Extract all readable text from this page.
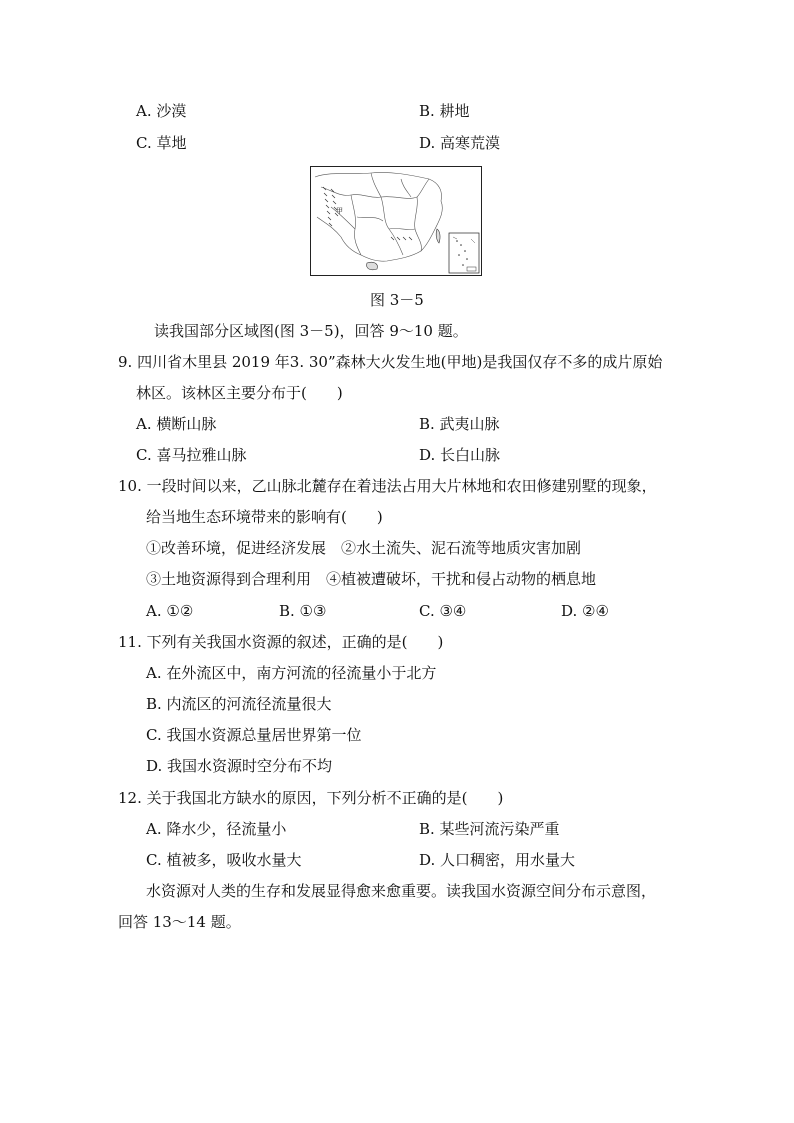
A. 沙漠	B. 耕地
C. 草地	D. 高寒荒漠
甲
图 3－5
读我国部分区域图(图 3－5)，回答 9～10 题。
9. 四川省木里县 2019 年3. 30”森林大火发生地(甲地)是我国仅存不多的成片原始
林区。该林区主要分布于(　　)
A. 横断山脉	B. 武夷山脉
C. 喜马拉雅山脉	D. 长白山脉
10. 一段时间以来，乙山脉北麓存在着违法占用大片林地和农田修建别墅的现象，
给当地生态环境带来的影响有(　　)
①改善环境，促进经济发展　②水土流失、泥石流等地质灾害加剧
③土地资源得到合理利用　④植被遭破坏，干扰和侵占动物的栖息地
A. ①②	B. ①③	C. ③④	D. ②④
11. 下列有关我国水资源的叙述，正确的是(　　)
A. 在外流区中，南方河流的径流量小于北方
B. 内流区的河流径流量很大
C. 我国水资源总量居世界第一位
D. 我国水资源时空分布不均
12. 关于我国北方缺水的原因，下列分析不正确的是(　　)
A. 降水少，径流量小	B. 某些河流污染严重
C. 植被多，吸收水量大	D. 人口稠密，用水量大
水资源对人类的生存和发展显得愈来愈重要。读我国水资源空间分布示意图，
回答 13～14 题。
